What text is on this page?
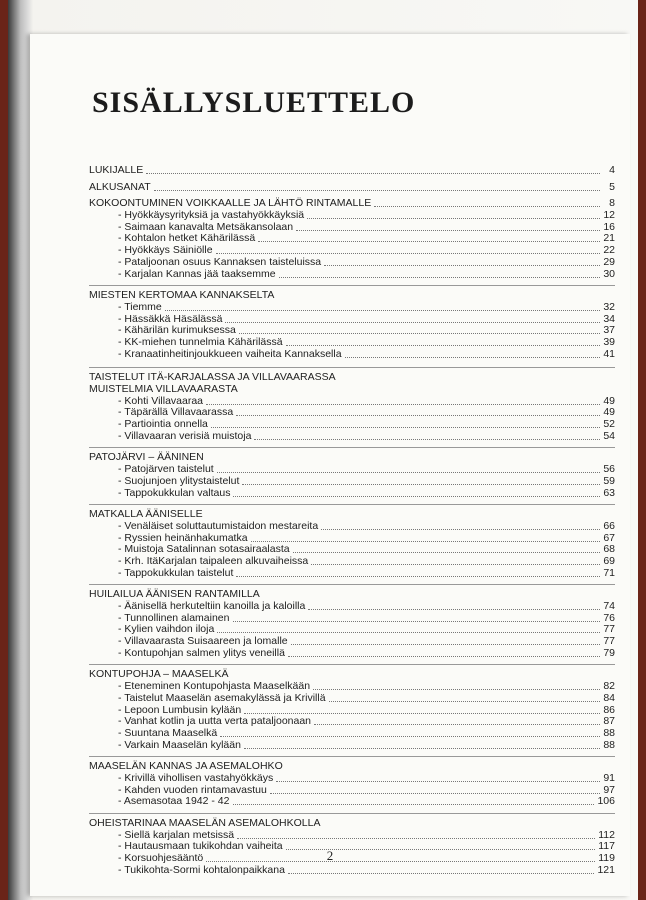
SISÄLLYSLUETTELO
LUKIJALLE	4
ALKUSANAT	5
KOKOONTUMINEN VOIKKAALLE JA LÄHTÖ RINTAMALLE	8
- Hyökkäysyrityksiä ja vastahyökkäyksiä	12
- Saimaan kanavalta Metsäkansolaan	16
- Kohtalon hetket Kähärilässä	21
- Hyökkäys Säiniölle	22
- Pataljoonan osuus Kannaksen taisteluissa	29
- Karjalan Kannas jää taaksemme	30
MIESTEN KERTOMAA KANNAKSELTA
- Tiemme	32
- Hässäkkä Häsälässä	34
- Kähärilän kurimuksessa	37
- KK-miehen tunnelmia Kähärilässä	39
- Kranaatinheitinjoukkueen vaiheita Kannaksella	41
TAISTELUT ITÄ-KARJALASSA JA VILLAVAARASSA
MUISTELMIA VILLAVAARASTA
- Kohti Villavaaraa	49
- Täpärällä Villavaarassa	49
- Partiointia onnella	52
- Villavaaran verisiä muistoja	54
PATOJÄRVI – ÄÄNINEN
- Patojärven taistelut	56
- Suojunjoen ylitystaistelut	59
- Tappokukkulan valtaus	63
MATKALLA ÄÄNISELLE
- Venäläiset soluttautumistaidon mestareita	66
- Ryssien heinänhakumatka	67
- Muistoja Satalinnan sotasairaalasta	68
- Krh. ItäKarjalan taipaleen alkuvaiheissa	69
- Tappokukkulan taistelut	71
HUILAILUA ÄÄNISEN RANTAMILLA
- Äänisellä herkuteltiin kanoilla ja kaloilla	74
- Tunnollinen alamainen	76
- Kylien vaihdon iloja	77
- Villavaarasta Suisaareen ja lomalle	77
- Kontupohjan salmen ylitys veneillä	79
KONTUPOHJA – MAASELKÄ
- Eteneminen Kontupohjasta Maaselkään	82
- Taistelut Maaselän asemakylässä ja Krivillä	84
- Lepoon Lumbusin kylään	86
- Vanhat kotlin ja uutta verta pataljoonaan	87
- Suuntana Maaselkä	88
- Varkain Maaselän kylään	88
MAASELÄN KANNAS JA ASEMALOHKO
- Krivillä vihollisen vastahyökkäys	91
- Kahden vuoden rintamavastuu	97
- Asemasotaa 1942 - 42	106
OHEISTARINAA MAASELÄN ASEMALOHKOLLA
- Siellä karjalan metsissä	112
- Hautausmaan tukikohdan vaiheita	117
- Korsuohjesääntö	119
- Tukikohta-Sormi kohtalonpaikkana	121
2
